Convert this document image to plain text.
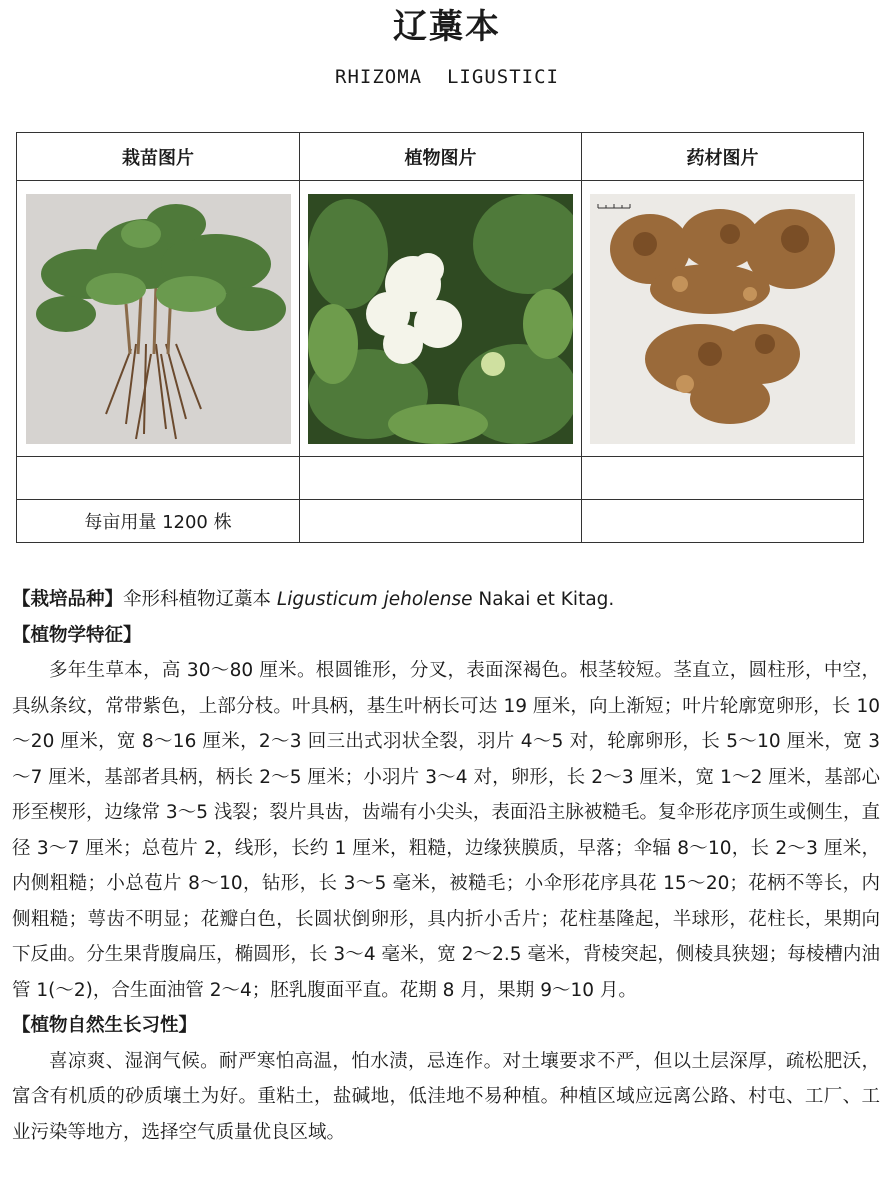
辽藁本
RHIZOMA  LIGUSTICI
栽苗图片	植物图片	药材图片

每亩用量 1200 株		

【栽培品种】伞形科植物辽藁本 Ligusticum jeholense Nakai et Kitag.

【植物学特征】

多年生草本，高 30～80 厘米。根圆锥形，分叉，表面深褐色。根茎较短。茎直立，圆柱形，中空，具纵条纹，常带紫色，上部分枝。叶具柄，基生叶柄长可达 19 厘米，向上渐短；叶片轮廓宽卵形，长 10～20 厘米，宽 8～16 厘米，2～3 回三出式羽状全裂，羽片 4～5 对，轮廓卵形，长 5～10 厘米，宽 3～7 厘米，基部者具柄，柄长 2～5 厘米；小羽片 3～4 对，卵形，长 2～3 厘米，宽 1～2 厘米，基部心形至楔形，边缘常 3～5 浅裂；裂片具齿，齿端有小尖头，表面沿主脉被糙毛。复伞形花序顶生或侧生，直径 3～7 厘米；总苞片 2，线形，长约 1 厘米，粗糙，边缘狭膜质，早落；伞辐 8～10，长 2～3 厘米，内侧粗糙；小总苞片 8～10，钻形，长 3～5 毫米，被糙毛；小伞形花序具花 15～20；花柄不等长，内侧粗糙；萼齿不明显；花瓣白色，长圆状倒卵形，具内折小舌片；花柱基隆起，半球形，花柱长，果期向下反曲。分生果背腹扁压，椭圆形，长 3～4 毫米，宽 2～2.5 毫米，背棱突起，侧棱具狭翅；每棱槽内油管 1(～2)，合生面油管 2～4；胚乳腹面平直。花期 8 月，果期 9～10 月。

【植物自然生长习性】

喜凉爽、湿润气候。耐严寒怕高温，怕水渍，忌连作。对土壤要求不严，但以土层深厚，疏松肥沃，富含有机质的砂质壤土为好。重粘土，盐碱地，低洼地不易种植。种植区域应远离公路、村屯、工厂、工业污染等地方，选择空气质量优良区域。
